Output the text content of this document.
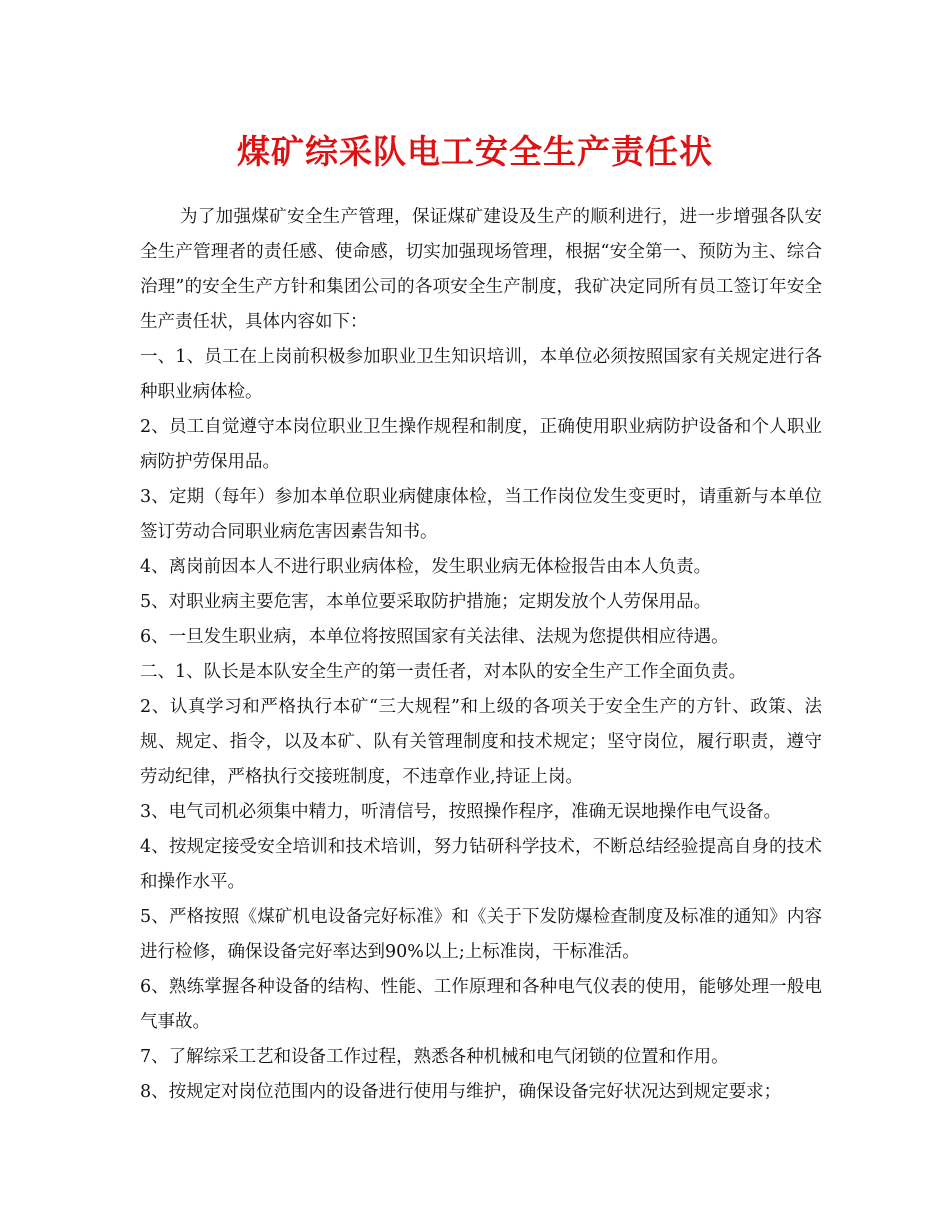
煤矿综采队电工安全生产责任状

为了加强煤矿安全生产管理，保证煤矿建设及生产的顺利进行，进一步增强各队安全生产管理者的责任感、使命感，切实加强现场管理，根据“安全第一、预防为主、综合治理”的安全生产方针和集团公司的各项安全生产制度，我矿决定同所有员工签订年安全生产责任状，具体内容如下：

一、1、员工在上岗前积极参加职业卫生知识培训，本单位必须按照国家有关规定进行各种职业病体检。

2、员工自觉遵守本岗位职业卫生操作规程和制度，正确使用职业病防护设备和个人职业病防护劳保用品。

3、定期（每年）参加本单位职业病健康体检，当工作岗位发生变更时，请重新与本单位签订劳动合同职业病危害因素告知书。

4、离岗前因本人不进行职业病体检，发生职业病无体检报告由本人负责。

5、对职业病主要危害，本单位要采取防护措施；定期发放个人劳保用品。

6、一旦发生职业病，本单位将按照国家有关法律、法规为您提供相应待遇。

二、1、队长是本队安全生产的第一责任者，对本队的安全生产工作全面负责。

2、认真学习和严格执行本矿“三大规程”和上级的各项关于安全生产的方针、政策、法规、规定、指令，以及本矿、队有关管理制度和技术规定；坚守岗位，履行职责，遵守劳动纪律，严格执行交接班制度，不违章作业,持证上岗。

3、电气司机必须集中精力，听清信号，按照操作程序，准确无误地操作电气设备。

4、按规定接受安全培训和技术培训，努力钻研科学技术，不断总结经验提高自身的技术和操作水平。

5、严格按照《煤矿机电设备完好标准》和《关于下发防爆检查制度及标准的通知》内容进行检修，确保设备完好率达到90%以上;上标准岗，干标准活。

6、熟练掌握各种设备的结构、性能、工作原理和各种电气仪表的使用，能够处理一般电气事故。

7、了解综采工艺和设备工作过程，熟悉各种机械和电气闭锁的位置和作用。

8、按规定对岗位范围内的设备进行使用与维护，确保设备完好状况达到规定要求；
